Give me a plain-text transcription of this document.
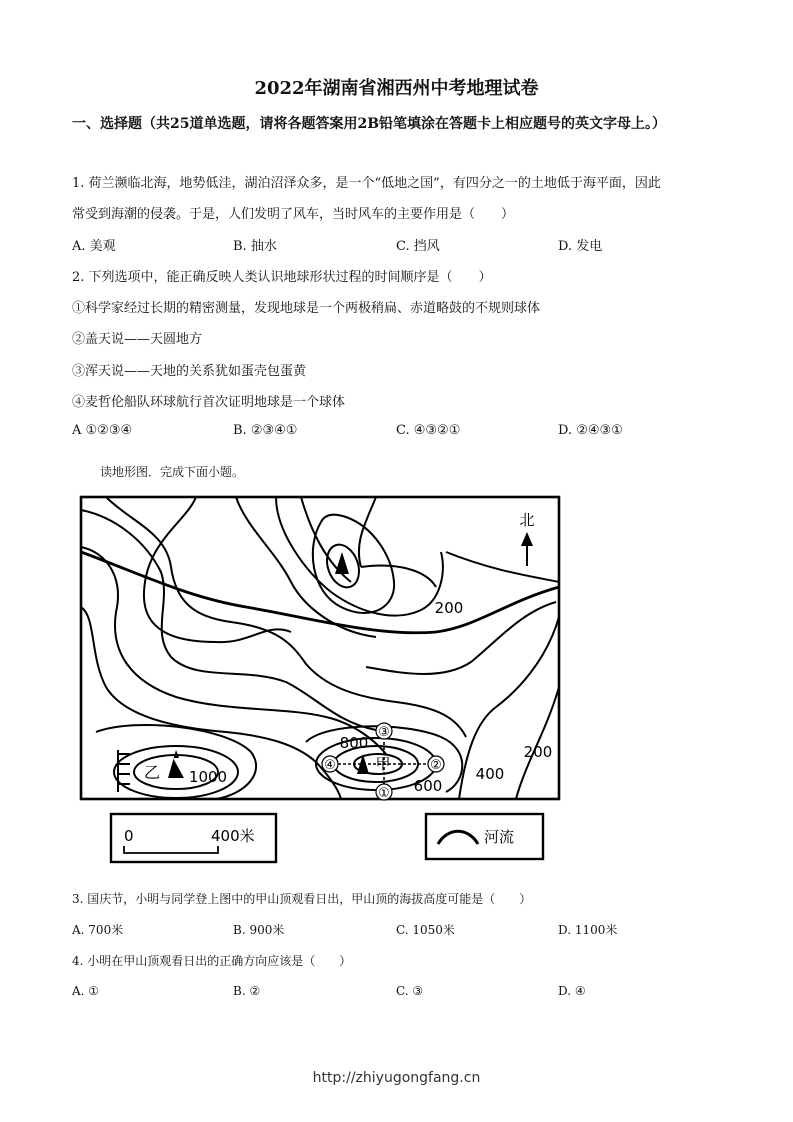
2022年湖南省湘西州中考地理试卷
一、选择题（共25道单选题，请将各题答案用2B铅笔填涂在答题卡上相应题号的英文字母上。）
1. 荷兰濒临北海，地势低洼，湖泊沼泽众多，是一个“低地之国”，有四分之一的土地低于海平面，因此
常受到海潮的侵袭。于是，人们发明了风车，当时风车的主要作用是（　　）
A. 美观	B. 抽水	C. 挡风	D. 发电
2. 下列选项中，能正确反映人类认识地球形状过程的时间顺序是（　　）
①科学家经过长期的精密测量，发现地球是一个两极稍扁、赤道略鼓的不规则球体
②盖天说——天圆地方
③浑天说——天地的关系犹如蛋壳包蛋黄
④麦哲伦船队环球航行首次证明地球是一个球体
A ①②③④	B. ②③④①	C. ④③②①	D. ②④③①
读地形图．完成下面小题。
③
①
②
④	甲
乙 1000
800
600
400
200
200
北
0	400米	河流
3. 国庆节，小明与同学登上图中的甲山顶观看日出，甲山顶的海拔高度可能是（　　）
A. 700米	B. 900米	C. 1050米	D. 1100米
4. 小明在甲山顶观看日出的正确方向应该是（　　）
A. ①	B. ②	C. ③	D. ④
http://zhiyugongfang.cn
